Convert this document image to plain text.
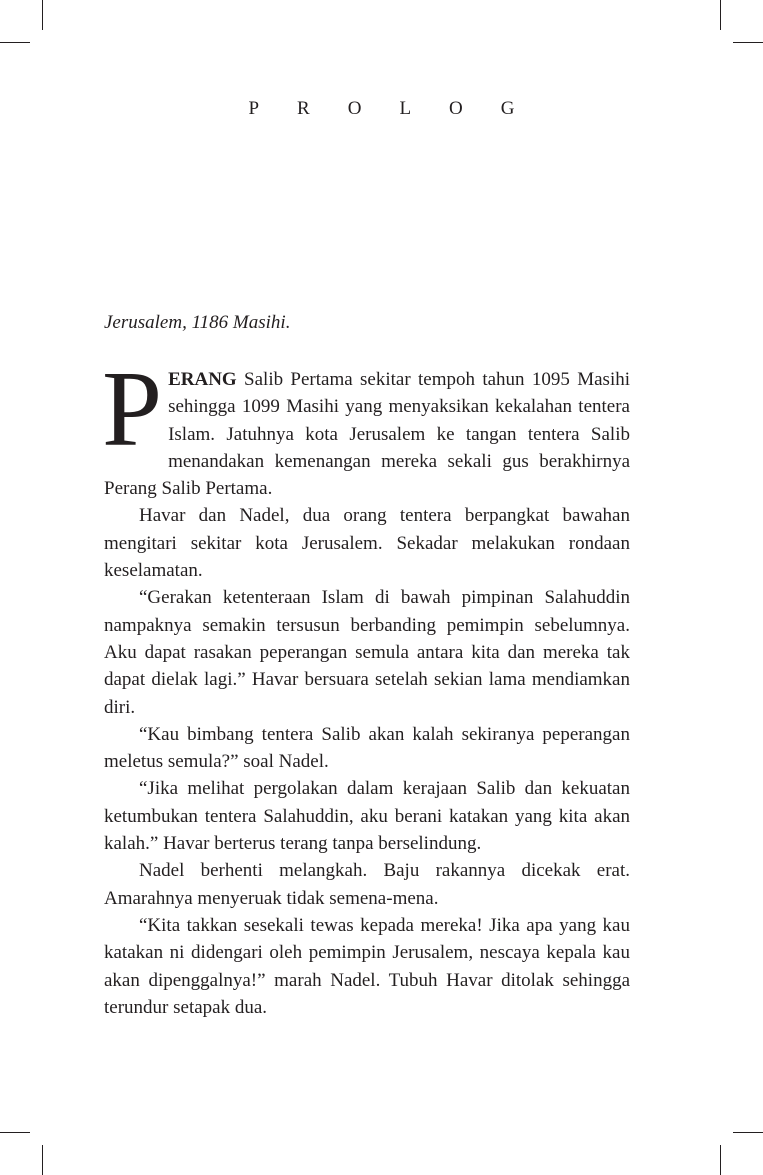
PROLOG
Jerusalem, 1186 Masihi.

PERANG Salib Pertama sekitar tempoh tahun 1095 Masihi sehingga 1099 Masihi yang menyaksikan kekalahan tentera Islam. Jatuhnya kota Jerusalem ke tangan tentera Salib menandakan kemenangan mereka sekali gus berakhirnya Perang Salib Pertama.

Havar dan Nadel, dua orang tentera berpangkat bawahan mengitari sekitar kota Jerusalem. Sekadar melakukan rondaan keselamatan.

“Gerakan ketenteraan Islam di bawah pimpinan Salahuddin nampaknya semakin tersusun berbanding pemimpin sebelumnya. Aku dapat rasakan peperangan semula antara kita dan mereka tak dapat dielak lagi.” Havar bersuara setelah sekian lama mendiamkan diri.

“Kau bimbang tentera Salib akan kalah sekiranya peperangan meletus semula?” soal Nadel.

“Jika melihat pergolakan dalam kerajaan Salib dan kekuatan ketumbukan tentera Salahuddin, aku berani katakan yang kita akan kalah.” Havar berterus terang tanpa berselindung.

Nadel berhenti melangkah. Baju rakannya dicekak erat. Amarahnya menyeruak tidak semena-mena.

“Kita takkan sesekali tewas kepada mereka! Jika apa yang kau katakan ni didengari oleh pemimpin Jerusalem, nescaya kepala kau akan dipenggalnya!” marah Nadel. Tubuh Havar ditolak sehingga terundur setapak dua.
